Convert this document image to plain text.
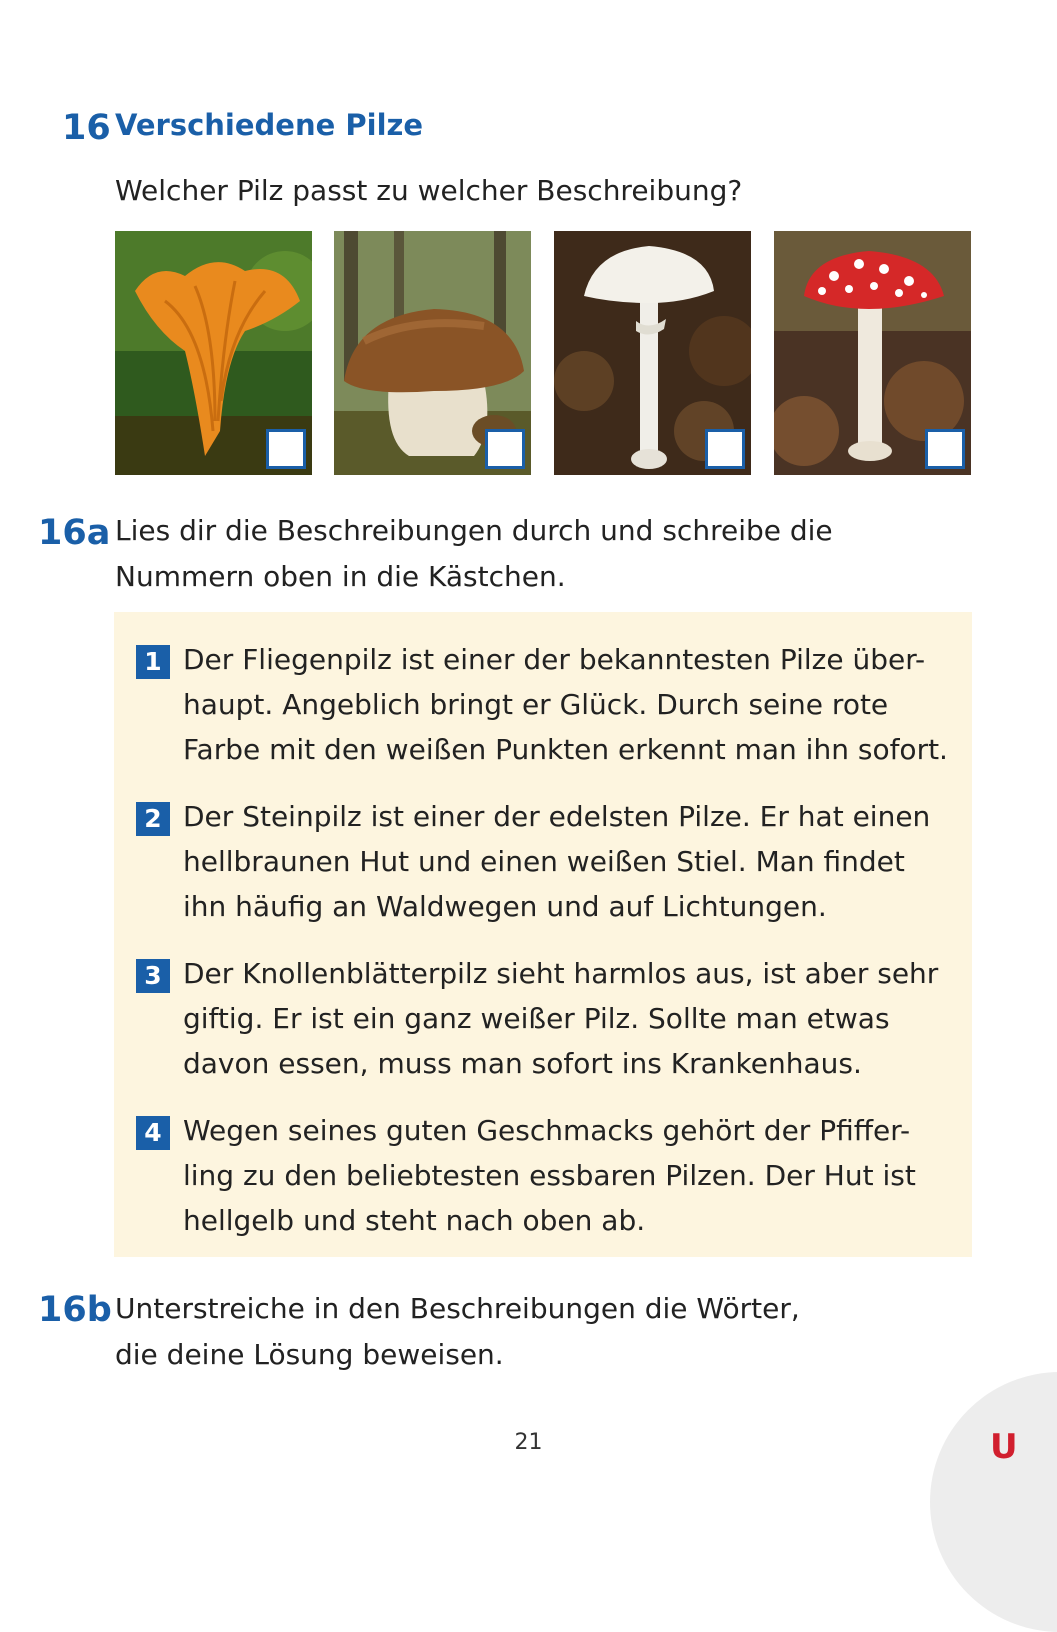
16 Verschiedene Pilze
Welcher Pilz passt zu welcher Beschreibung?
16a Lies dir die Beschreibungen durch und schreibe die
Nummern oben in die Kästchen.
1 Der Fliegenpilz ist einer der bekanntesten Pilze über-
haupt. Angeblich bringt er Glück. Durch seine rote
Farbe mit den weißen Punkten erkennt man ihn sofort.
2 Der Steinpilz ist einer der edelsten Pilze. Er hat einen
hellbraunen Hut und einen weißen Stiel. Man findet
ihn häufig an Waldwegen und auf Lichtungen.
3 Der Knollenblätterpilz sieht harmlos aus, ist aber sehr
giftig. Er ist ein ganz weißer Pilz. Sollte man etwas
davon essen, muss man sofort ins Krankenhaus.
4 Wegen seines guten Geschmacks gehört der Pfiffer-
ling zu den beliebtesten essbaren Pilzen. Der Hut ist
hellgelb und steht nach oben ab.
16b Unterstreiche in den Beschreibungen die Wörter,
die deine Lösung beweisen.
21	U
